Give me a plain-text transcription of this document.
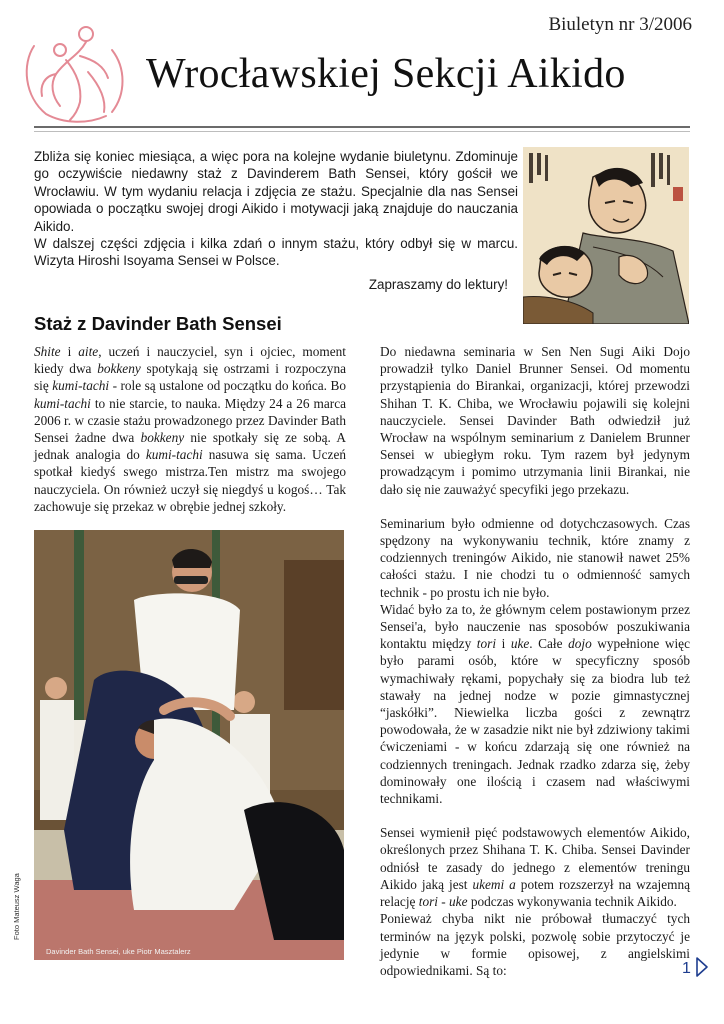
Biuletyn nr 3/2006
Wrocławskiej Sekcji Aikido

Zbliża się koniec miesiąca, a więc pora na kolejne wydanie biuletynu. Zdominuje go oczywiście niedawny staż z Davinderem Bath Sensei, który gościł we Wrocławiu. W tym wydaniu relacja i zdjęcia ze stażu. Specjalnie dla nas Sensei opowiada o początku swojej drogi Aikido i motywacji jaką znajduje do nauczania Aikido.

W dalszej części zdjęcia i kilka zdań o innym stażu, który odbył się w marcu. Wizyta Hiroshi Isoyama Sensei w Polsce.

Zapraszamy do lektury!
Staż z Davinder Bath Sensei

Shite i aite, uczeń i nauczyciel, syn i ojciec, moment kiedy dwa bokkeny spotykają się ostrzami i rozpoczyna się kumi-tachi - role są ustalone od początku do końca. Bo kumi-tachi to nie starcie, to nauka. Między 24 a 26 marca 2006 r. w czasie stażu prowadzonego przez Davinder Bath Sensei żadne dwa bokkeny nie spotkały się ze sobą. A jednak analogia do kumi-tachi nasuwa się sama. Uczeń spotkał kiedyś swego mistrza.Ten mistrz ma swojego nauczyciela. On również uczył się niegdyś u kogoś… Tak zachowuje się przekaz w obrębie jednej szkoły.

Davinder Bath Sensei, uke Piotr Masztalerz
Foto Mateusz Waga

Do niedawna seminaria w Sen Nen Sugi Aiki Dojo prowadził tylko Daniel Brunner Sensei. Od momentu przystąpienia do Birankai, organizacji, której przewodzi Shihan T. K. Chiba, we Wrocławiu pojawili się kolejni nauczyciele. Sensei Davinder Bath odwiedził już Wrocław na wspólnym seminarium z Danielem Brunner Sensei w ubiegłym roku. Tym razem był jedynym prowadzącym i pomimo utrzymania linii Birankai, nie dało się nie zauważyć specyfiki jego przekazu.

Seminarium było odmienne od dotychczasowych. Czas spędzony na wykonywaniu technik, które znamy z codziennych treningów Aikido, nie stanowił nawet 25% całości stażu. I nie chodzi tu o odmienność samych technik - po prostu ich nie było.

Widać było za to, że głównym celem postawionym przez Sensei'a, było nauczenie nas sposobów poszukiwania kontaktu między tori i uke. Całe dojo wypełnione więc było parami osób, które w specyficzny sposób wymachiwały rękami, popychały się za biodra lub też stawały na jednej nodze w pozie gimnastycznej “jaskółki”. Niewielka liczba gości z zewnątrz powodowała, że w zasadzie nikt nie był zdziwiony takimi ćwiczeniami - w końcu zdarzają się one również na codziennych treningach. Jednak rzadko zdarza się, żeby dominowały one ilością i czasem nad właściwymi technikami.

Sensei wymienił pięć podstawowych elementów Aikido, określonych przez Shihana T. K. Chiba. Sensei Davinder odniósł te zasady do jednego z elementów treningu Aikido jaką jest ukemi a potem rozszerzył na wzajemną relację tori - uke podczas wykonywania technik Aikido.

Ponieważ chyba nikt nie próbował tłumaczyć tych terminów na język polski, pozwolę sobie przytoczyć je jedynie w formie opisowej, z angielskimi odpowiednikami. Są to:	1
